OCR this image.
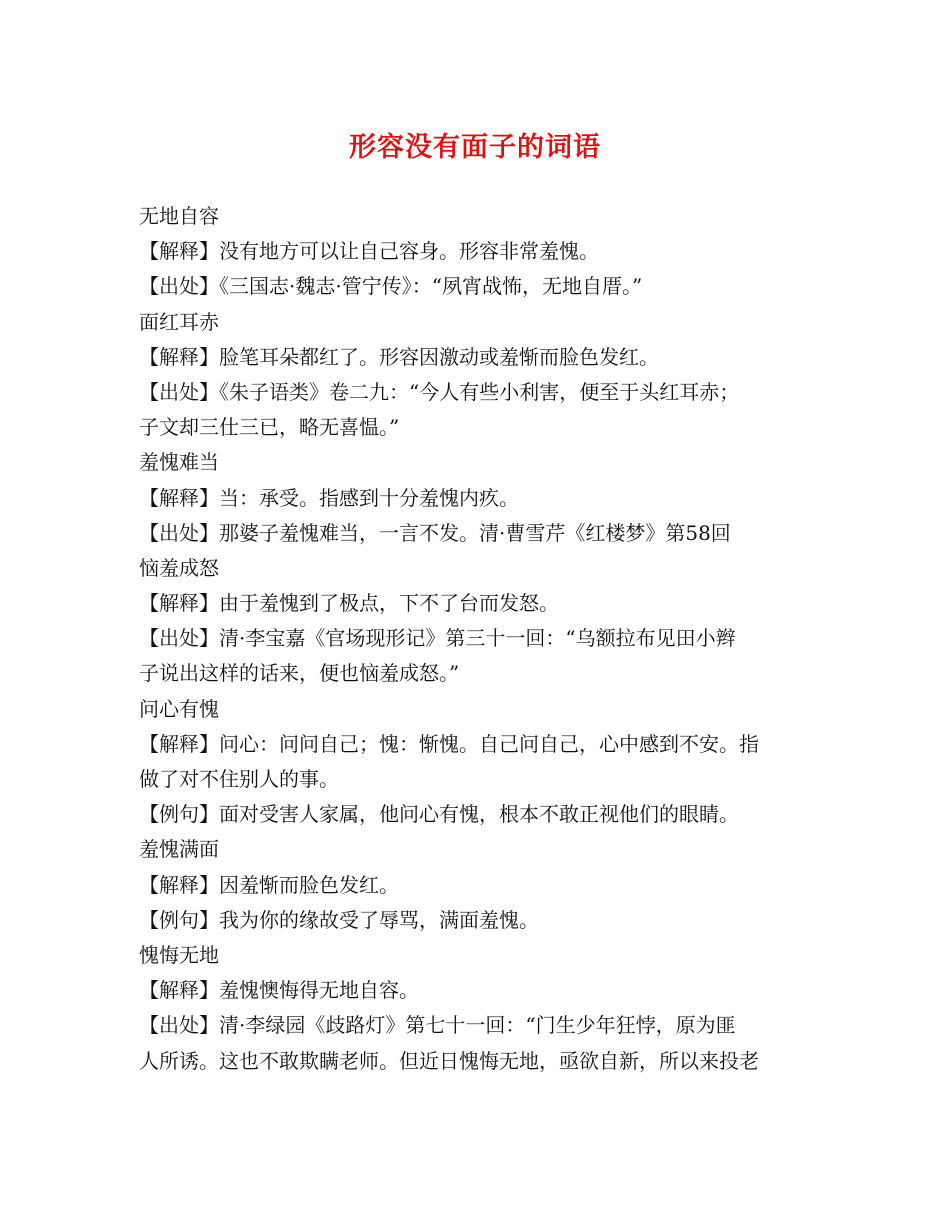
形容没有面子的词语
无地自容
【解释】没有地方可以让自己容身。形容非常羞愧。
【出处】《三国志·魏志·管宁传》：“夙宵战怖，无地自厝。”
面红耳赤
【解释】脸笔耳朵都红了。形容因激动或羞惭而脸色发红。
【出处】《朱子语类》卷二九：“今人有些小利害，便至于头红耳赤；
子文却三仕三已，略无喜愠。”
羞愧难当
【解释】当：承受。指感到十分羞愧内疚。
【出处】那婆子羞愧难当，一言不发。清·曹雪芹《红楼梦》第58回
恼羞成怒
【解释】由于羞愧到了极点，下不了台而发怒。
【出处】清·李宝嘉《官场现形记》第三十一回：“乌额拉布见田小辫
子说出这样的话来，便也恼羞成怒。”
问心有愧
【解释】问心：问问自己；愧：惭愧。自己问自己，心中感到不安。指
做了对不住别人的事。
【例句】面对受害人家属，他问心有愧，根本不敢正视他们的眼睛。
羞愧满面
【解释】因羞惭而脸色发红。
【例句】我为你的缘故受了辱骂，满面羞愧。
愧悔无地
【解释】羞愧懊悔得无地自容。
【出处】清·李绿园《歧路灯》第七十一回：“门生少年狂悖，原为匪
人所诱。这也不敢欺瞒老师。但近日愧悔无地，亟欲自新，所以来投老
